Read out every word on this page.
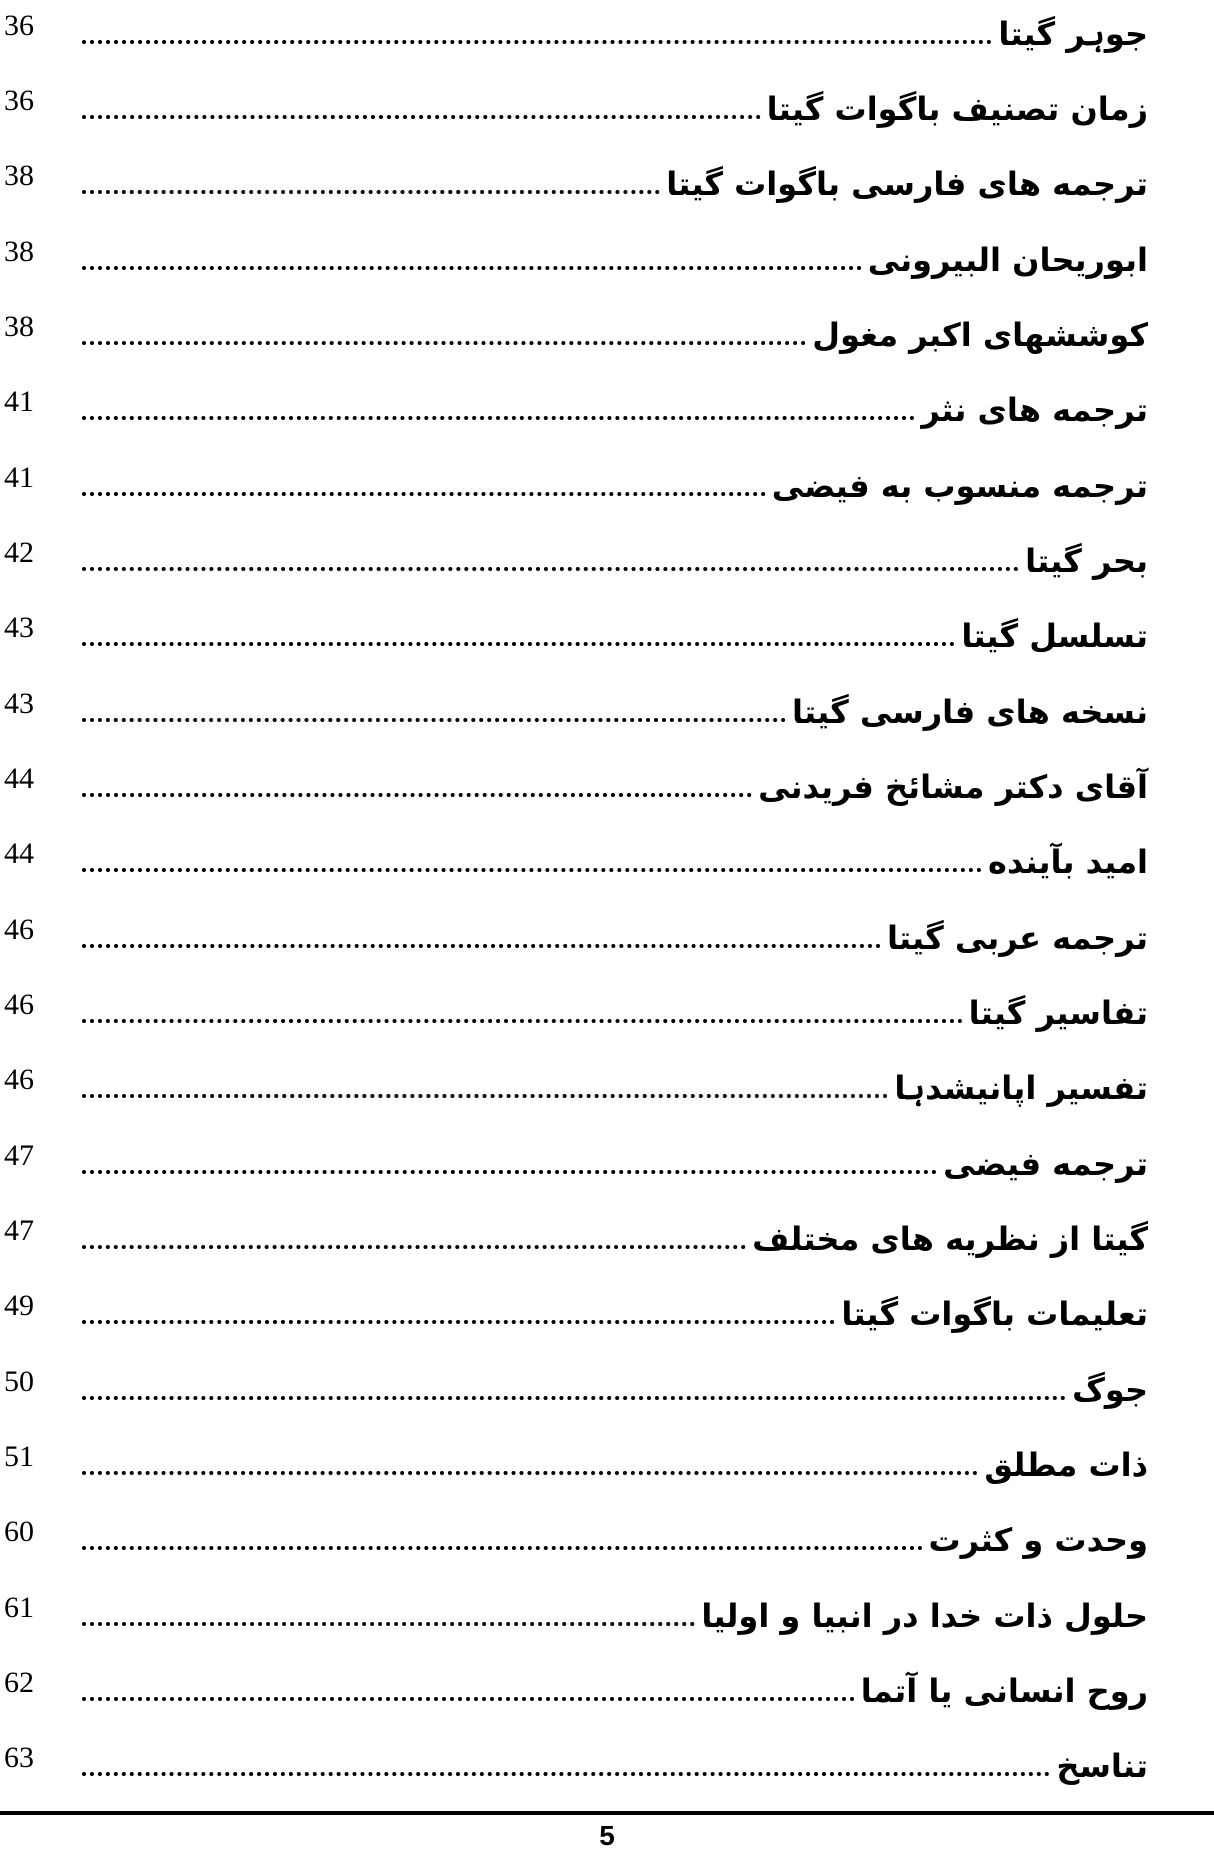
36	جوہر گیتا
36	زمان تصنیف باگوات گیتا
38	ترجمه های فارسی باگوات گیتا
38	ابوریحان البیرونی
38	کوششهای اکبر مغول
41	ترجمه های نثر
41	ترجمه منسوب به فیضی
42	بحر گیتا
43	تسلسل گیتا
43	نسخه های فارسی گیتا
44	آقای دکتر مشائخ فریدنی
44	امید بآینده
46	ترجمه عربی گیتا
46	تفاسیر گیتا
46	تفسیر اپانیشدہا
47	ترجمه فیضی
47	گیتا از نظریه های مختلف
49	تعلیمات باگوات گیتا
50	جوگ
51	ذات مطلق
60	وحدت و کثرت
61	حلول ذات خدا در انبیا و اولیا
62	روح انسانی یا آتما
63	تناسخ
5
